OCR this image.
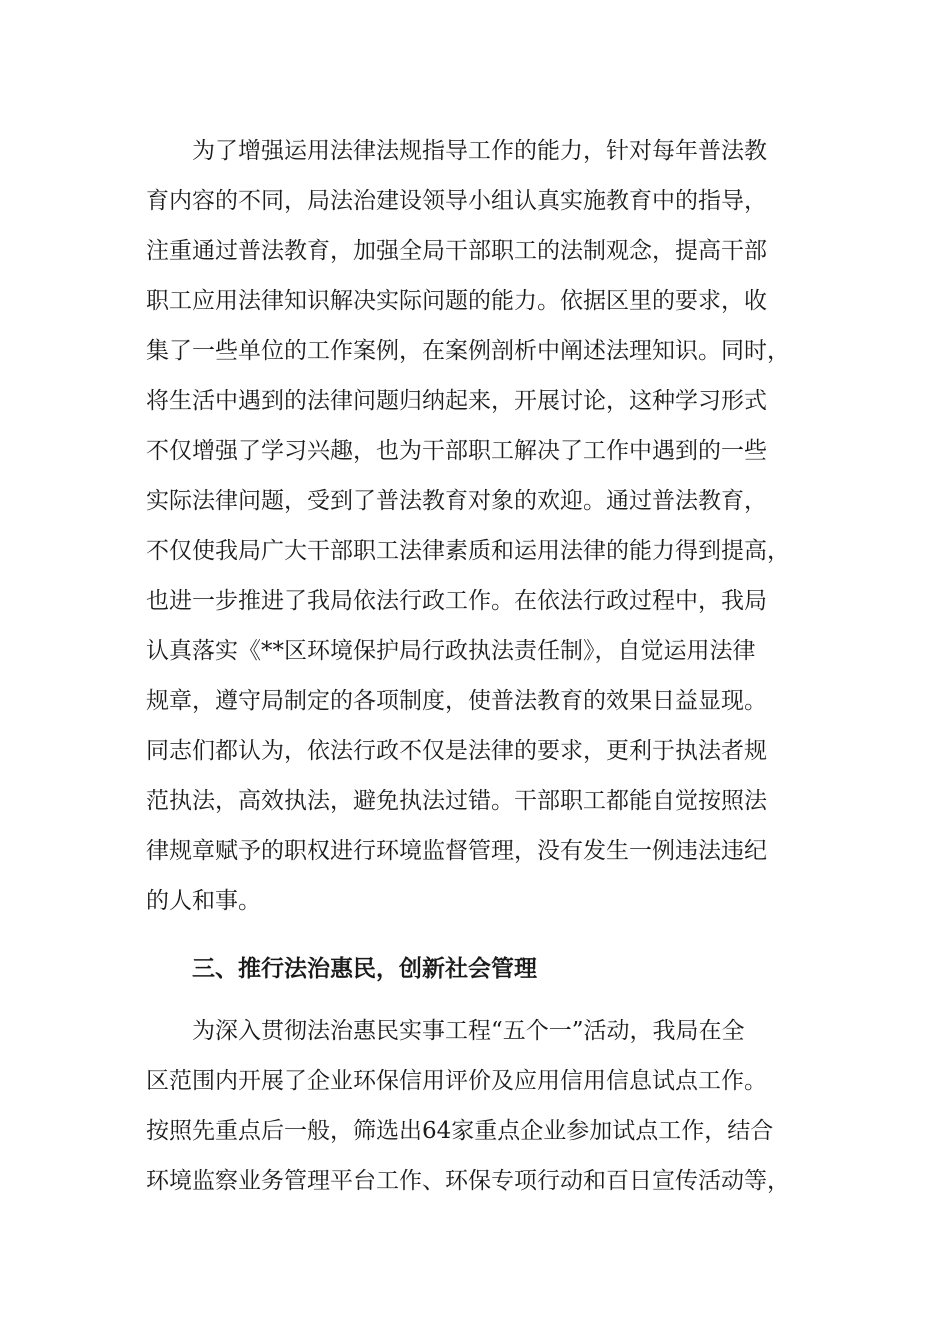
为了增强运用法律法规指导工作的能力，针对每年普法教
育内容的不同，局法治建设领导小组认真实施教育中的指导，
注重通过普法教育，加强全局干部职工的法制观念，提高干部
职工应用法律知识解决实际问题的能力。依据区里的要求，收
集了一些单位的工作案例，在案例剖析中阐述法理知识。同时，
将生活中遇到的法律问题归纳起来，开展讨论，这种学习形式
不仅增强了学习兴趣，也为干部职工解决了工作中遇到的一些
实际法律问题，受到了普法教育对象的欢迎。通过普法教育，
不仅使我局广大干部职工法律素质和运用法律的能力得到提高，
也进一步推进了我局依法行政工作。在依法行政过程中，我局
认真落实《**区环境保护局行政执法责任制》，自觉运用法律
规章，遵守局制定的各项制度，使普法教育的效果日益显现。
同志们都认为，依法行政不仅是法律的要求，更利于执法者规
范执法，高效执法，避免执法过错。干部职工都能自觉按照法
律规章赋予的职权进行环境监督管理，没有发生一例违法违纪
的人和事。
三、推行法治惠民，创新社会管理
为深入贯彻法治惠民实事工程“五个一”活动，我局在全
区范围内开展了企业环保信用评价及应用信用信息试点工作。
按照先重点后一般，筛选出64家重点企业参加试点工作，结合
环境监察业务管理平台工作、环保专项行动和百日宣传活动等，
